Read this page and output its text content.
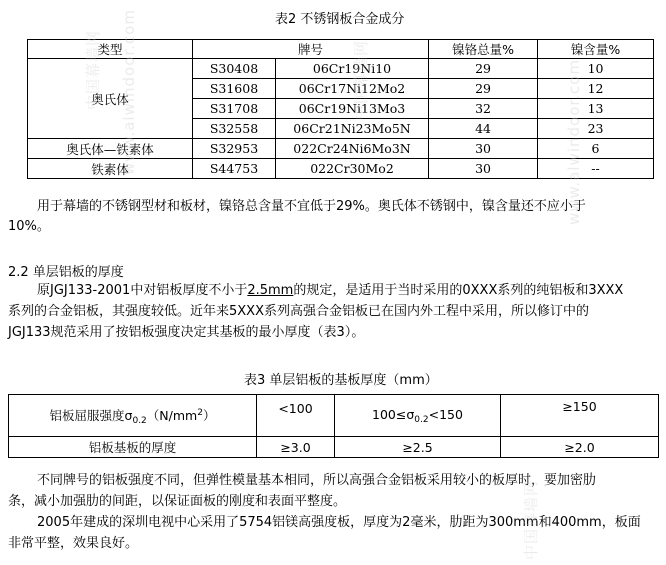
表2 不锈钢板合金成分
类型	牌号		镍铬总量%	镍含量%
奥氏体	S30408	06Cr19Ni10	29	10
	S31608	06Cr17Ni12Mo2	29	12
	S31708	06Cr19Ni13Mo3	32	13
	S32558	06Cr21Ni23Mo5N	44	23
奥氏体—铁素体	S32953	022Cr24Ni6Mo3N	30	6
铁素体	S44753	022Cr30Mo2	30	--
用于幕墙的不锈钢型材和板材，镍铬总含量不宜低于29%。奥氏体不锈钢中，镍含量还不应小于
10%。
2.2 单层铝板的厚度
原JGJ133-2001中对铝板厚度不小于2.5mm的规定，是适用于当时采用的0XXX系列的纯铝板和3XXX
系列的合金铝板，其强度较低。近年来5XXX系列高强合金铝板已在国内外工程中采用，所以修订中的
JGJ133规范采用了按铝板强度决定其基板的最小厚度（表3）。
表3 单层铝板的基板厚度（mm）
铝板屈服强度$\sigma_{0.2}(N/mm^2)$	<100	$100\le\sigma_{0.2}<150$	≥150
铝板基板的厚度	≥3.0	≥2.5	≥2.0
不同牌号的铝板强度不同，但弹性模量基本相同，所以高强合金铝板采用较小的板厚时，要加密肋
条，减小加强肋的间距，以保证面板的刚度和表面平整度。
2005年建成的深圳电视中心采用了5754铝镁高强度板，厚度为2毫米，肋距为300mm和400mm，板面
非常平整，效果良好。
中国幕墙网 www.alwindoor.com	中国幕墙网	www.alwindoor.com
中国幕墙网
